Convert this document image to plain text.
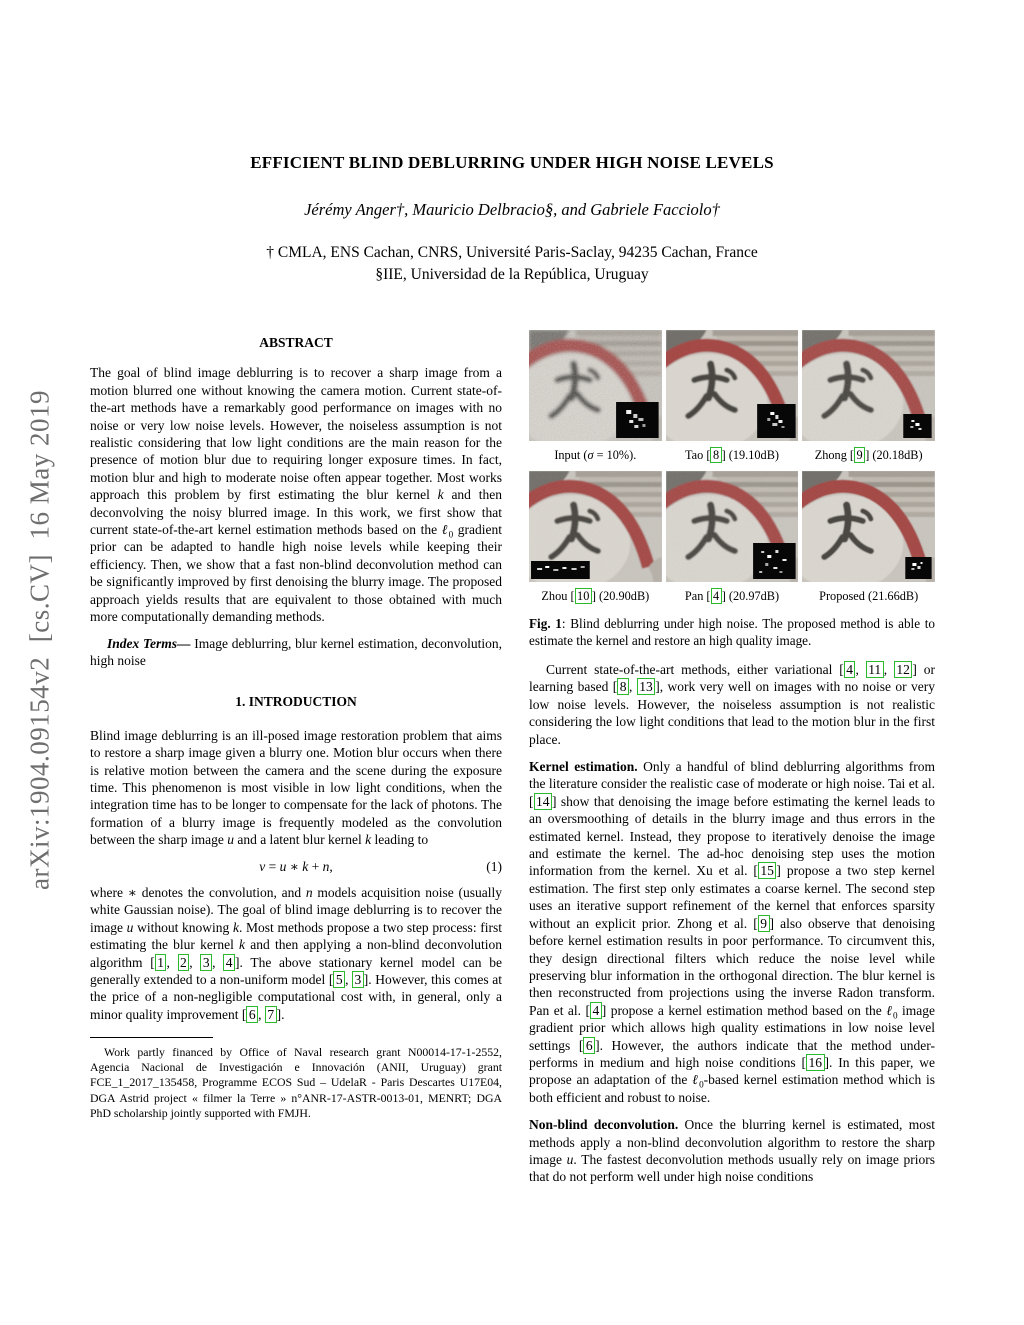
arXiv:1904.09154v2  [cs.CV]  16 May 2019
EFFICIENT BLIND DEBLURRING UNDER HIGH NOISE LEVELS
Jérémy Anger†, Mauricio Delbracio§, and Gabriele Facciolo†
† CMLA, ENS Cachan, CNRS, Université Paris-Saclay, 94235 Cachan, France
§IIE, Universidad de la República, Uruguay
ABSTRACT

The goal of blind image deblurring is to recover a sharp image from a motion blurred one without knowing the camera motion. Current state-of-the-art methods have a remarkably good performance on images with no noise or very low noise levels. However, the noiseless assumption is not realistic considering that low light conditions are the main reason for the presence of motion blur due to requiring longer exposure times. In fact, motion blur and high to moderate noise often appear together. Most works approach this problem by first estimating the blur kernel k and then deconvolving the noisy blurred image. In this work, we first show that current state-of-the-art kernel estimation methods based on the ℓ$_0$ gradient prior can be adapted to handle high noise levels while keeping their efficiency. Then, we show that a fast non-blind deconvolution method can be significantly improved by first denoising the blurry image. The proposed approach yields results that are equivalent to those obtained with much more computationally demanding methods.

Index Terms— Image deblurring, blur kernel estimation, deconvolution, high noise

1. INTRODUCTION

Blind image deblurring is an ill-posed image restoration problem that aims to restore a sharp image given a blurry one. Motion blur occurs when there is relative motion between the camera and the scene during the exposure time. This phenomenon is most visible in low light conditions, when the integration time has to be longer to compensate for the lack of photons. The formation of a blurry image is frequently modeled as the convolution between the sharp image u and a latent blur kernel k leading to

v = u ∗ k + n,	(1)

where ∗ denotes the convolution, and n models acquisition noise (usually white Gaussian noise). The goal of blind image deblurring is to recover the image u without knowing k. Most methods propose a two step process: first estimating the blur kernel k and then applying a non-blind deconvolution algorithm [ 1 , 2 , 3 , 4 ]. The above stationary kernel model can be generally extended to a non-uniform model [ 5 , 3 ]. However, this comes at the price of a non-negligible computational cost with, in general, only a minor quality improvement [ 6 , 7 ].

Work partly financed by Office of Naval research grant N00014-17-1-2552, Agencia Nacional de Investigación e Innovación (ANII, Uruguay) grant FCE_1_2017_135458, Programme ECOS Sud – UdelaR - Paris Descartes U17E04, DGA Astrid project « filmer la Terre » n°ANR-17-ASTR-0013-01, MENRT; DGA PhD scholarship jointly supported with FMJH.

Input (σ = 10%).	Tao [ 8 ] (19.10dB)	Zhong [ 9 ] (20.18dB)
Zhou [ 10 ] (20.90dB)	Pan [ 4 ] (20.97dB)	Proposed (21.66dB)

Fig. 1: Blind deblurring under high noise. The proposed method is able to estimate the kernel and restore an high quality image.

Current state-of-the-art methods, either variational [ 4 , 11 , 12 ] or learning based [ 8 , 13 ], work very well on images with no noise or very low noise levels. However, the noiseless assumption is not realistic considering the low light conditions that lead to the motion blur in the first place.

Kernel estimation. Only a handful of blind deblurring algorithms from the literature consider the realistic case of moderate or high noise. Tai et al. [ 14 ] show that denoising the image before estimating the kernel leads to an oversmoothing of details in the blurry image and thus errors in the estimated kernel. Instead, they propose to iteratively denoise the image and estimate the kernel. The ad-hoc denoising step uses the motion information from the kernel. Xu et al. [ 15 ] propose a two step kernel estimation. The first step only estimates a coarse kernel. The second step uses an iterative support refinement of the kernel that enforces sparsity without an explicit prior. Zhong et al. [ 9 ] also observe that denoising before kernel estimation results in poor performance. To circumvent this, they design directional filters which reduce the noise level while preserving blur information in the orthogonal direction. The blur kernel is then reconstructed from projections using the inverse Radon transform. Pan et al. [ 4 ] propose a kernel estimation method based on the ℓ$_0$ image gradient prior which allows high quality estimations in low noise level settings [ 6 ]. However, the authors indicate that the method under-performs in medium and high noise conditions [ 16 ]. In this paper, we propose an adaptation of the ℓ$_0$-based kernel estimation method which is both efficient and robust to noise.

Non-blind deconvolution. Once the blurring kernel is estimated, most methods apply a non-blind deconvolution algorithm to restore the sharp image u. The fastest deconvolution methods usually rely on image priors that do not perform well under high noise conditions
